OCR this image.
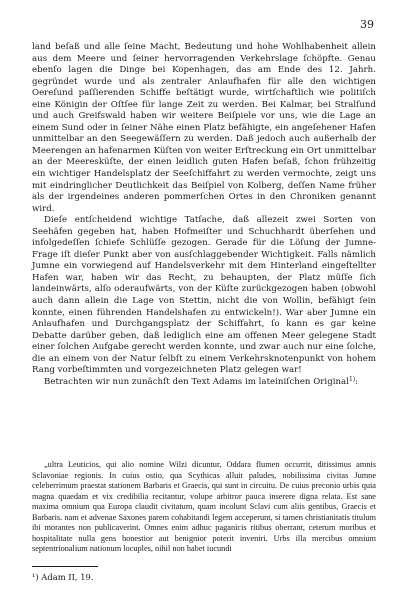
39

land beſaß und alle ſeine Macht, Bedeutung und hohe Wohlhabenheit allein aus dem Meere und ſeiner hervorragenden Verkehrslage ſchöpfte. Genau ebenſo lagen die Dinge bei Kopenhagen, das am Ende des 12. Jahrh. gegründet wurde und als zentraler Anlaufhafen für alle den wichtigen Oereſund paſſierenden Schiffe beſtätigt wurde, wirtſchaftlich wie politiſch eine Königin der Oſtſee für lange Zeit zu werden. Bei Kalmar, bei Stralſund und auch Greifswald haben wir weitere Beiſpiele vor uns, wie die Lage an einem Sund oder in ſeiner Nähe einen Platz befähigte, ein angeſehener Hafen unmittelbar an den Seegewäſſern zu werden. Daß jedoch auch außerhalb der Meerengen an hafenarmen Küſten von weiter Erſtreckung ein Ort unmittelbar an der Meeresküſte, der einen leidlich guten Hafen beſaß, ſchon frühzeitig ein wichtiger Handelsplatz der Seeſchiffahrt zu werden vermochte, zeigt uns mit eindringlicher Deutlichkeit das Beiſpiel von Kolberg, deſſen Name früher als der irgendeines anderen pommerſchen Ortes in den Chroniken genannt wird.

Dieſe entſcheidend wichtige Tatſache, daß allezeit zwei Sorten von Seehäfen gegeben hat, haben Hofmeiſter und Schuchhardt überſehen und infolgedeſſen ſchiefe Schlüſſe gezogen. Gerade für die Löſung der Jumne-Frage iſt dieſer Punkt aber von ausſchlaggebender Wichtigkeit. Falls nämlich Jumne ein vorwiegend auf Handelsverkehr mit dem Hinterland eingeſtellter Hafen war, haben wir das Recht, zu behaupten, der Platz müſſe ſich landeinwärts, alſo oderaufwärts, von der Küſte zurückgezogen haben (obwohl auch dann allein die Lage von Stettin, nicht die von Wollin, befähigt ſein konnte, einen führenden Handelshafen zu entwickeln!). War aber Jumne ein Anlaufhafen und Durchgangsplatz der Schiffahrt, ſo kann es gar keine Debatte darüber geben, daß lediglich eine am offenen Meer gelegene Stadt einer ſolchen Aufgabe gerecht werden konnte, und zwar auch nur eine ſolche, die an einem von der Natur ſelbſt zu einem Verkehrsknotenpunkt von hohem Rang vorbeſtimmten und vorgezeichneten Platz gelegen war!

Betrachten wir nun zunächſt den Text Adams im lateiniſchen Original$^{1)}$:

„ultra Leuticios, qui alio nomine Wilzi dicuntur, Oddara flumen occurrit, ditissimus amnis Sclavoniae regionis. In cuius ostio, qua Scythicas alluit paludes, nobilissima civitas Jumne celeberrimum praestat stationem Barbaris et Graecis, qui sunt in circuitu. De cuius preconio urbis quia magna quaedam et vix credibilia recitantur, volupe arbitror pauca inserere digna relata. Est sane maxima omnium qua Europa claudit civitatum, quam incolunt Sclavi cum aliis gentibus, Graecis et Barbaris. nam et advenae Saxones parem cohabitandi legem acceperunt, si tamen christianitatis titulum ibi morantes non publicaverint. Omnes enim adhuc paganicis ritibus oberrant, ceterum moribus et hospitalitate nulla gens honestior aut benignior poterit inveniri. Urbs illa mercibus omnium septentrionalium nationum locuples, nihil non habet iucundi
¹) Adam II, 19.
